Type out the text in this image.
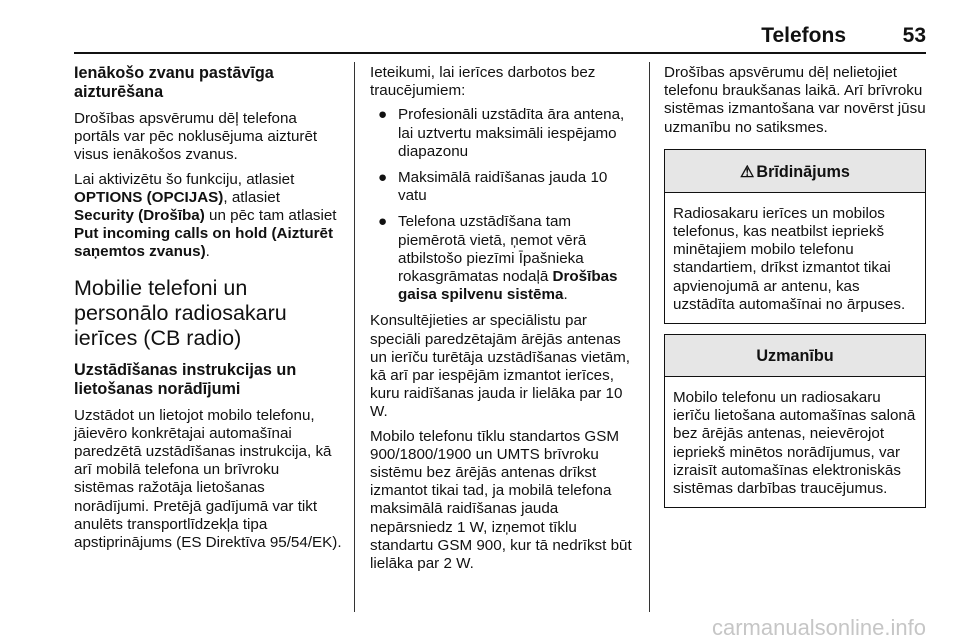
Telefons	53
Ienākošo zvanu pastāvīga aizturēšana

Drošības apsvērumu dēļ telefona portāls var pēc noklusējuma aizturēt visus ienākošos zvanus.

Lai aktivizētu šo funkciju, atlasiet OPTIONS (OPCIJAS), atlasiet Security (Drošība) un pēc tam atlasiet Put incoming calls on hold (Aizturēt saņemtos zvanus).

Mobilie telefoni un personālo radiosakaru ierīces (CB radio)
Uzstādīšanas instrukcijas un lietošanas norādījumi

Uzstādot un lietojot mobilo telefonu, jāievēro konkrētajai automašīnai paredzētā uzstādīšanas instrukcija, kā arī mobilā telefona un brīvroku sistēmas ražotāja lietošanas norādījumi. Pretējā gadījumā var tikt anulēts transportlīdzekļa tipa apstiprinājums (ES Direktīva 95/54/EK).

Ieteikumi, lai ierīces darbotos bez traucējumiem:

● Profesionāli uzstādīta āra antena, lai uztvertu maksimāli iespējamo diapazonu
● Maksimālā raidīšanas jauda 10 vatu
● Telefona uzstādīšana tam piemērotā vietā, ņemot vērā atbilstošo piezīmi Īpašnieka rokasgrāmatas nodaļā Drošības gaisa spilvenu sistēma.

Konsultējieties ar speciālistu par speciāli paredzētajām ārējās antenas un ierīču turētāja uzstādīšanas vietām, kā arī par iespējām izmantot ierīces, kuru raidīšanas jauda ir lielāka par 10 W.

Mobilo telefonu tīklu standartos GSM 900/1800/1900 un UMTS brīvroku sistēmu bez ārējās antenas drīkst izmantot tikai tad, ja mobilā telefona maksimālā raidīšanas jauda nepārsniedz 1 W, izņemot tīklu standartu GSM 900, kur tā nedrīkst būt lielāka par 2 W.

Drošības apsvērumu dēļ nelietojiet telefonu braukšanas laikā. Arī brīvroku sistēmas izmantošana var novērst jūsu uzmanību no satiksmes.

⚠ Brīdinājums
Radiosakaru ierīces un mobilos telefonus, kas neatbilst iepriekš minētajiem mobilo telefonu standartiem, drīkst izmantot tikai apvienojumā ar antenu, kas uzstādīta automašīnai no ārpuses.
Uzmanību
Mobilo telefonu un radiosakaru ierīču lietošana automašīnas salonā bez ārējās antenas, neievērojot iepriekš minētos norādījumus, var izraisīt automašīnas elektroniskās sistēmas darbības traucējumus.
carmanualsonline.info
